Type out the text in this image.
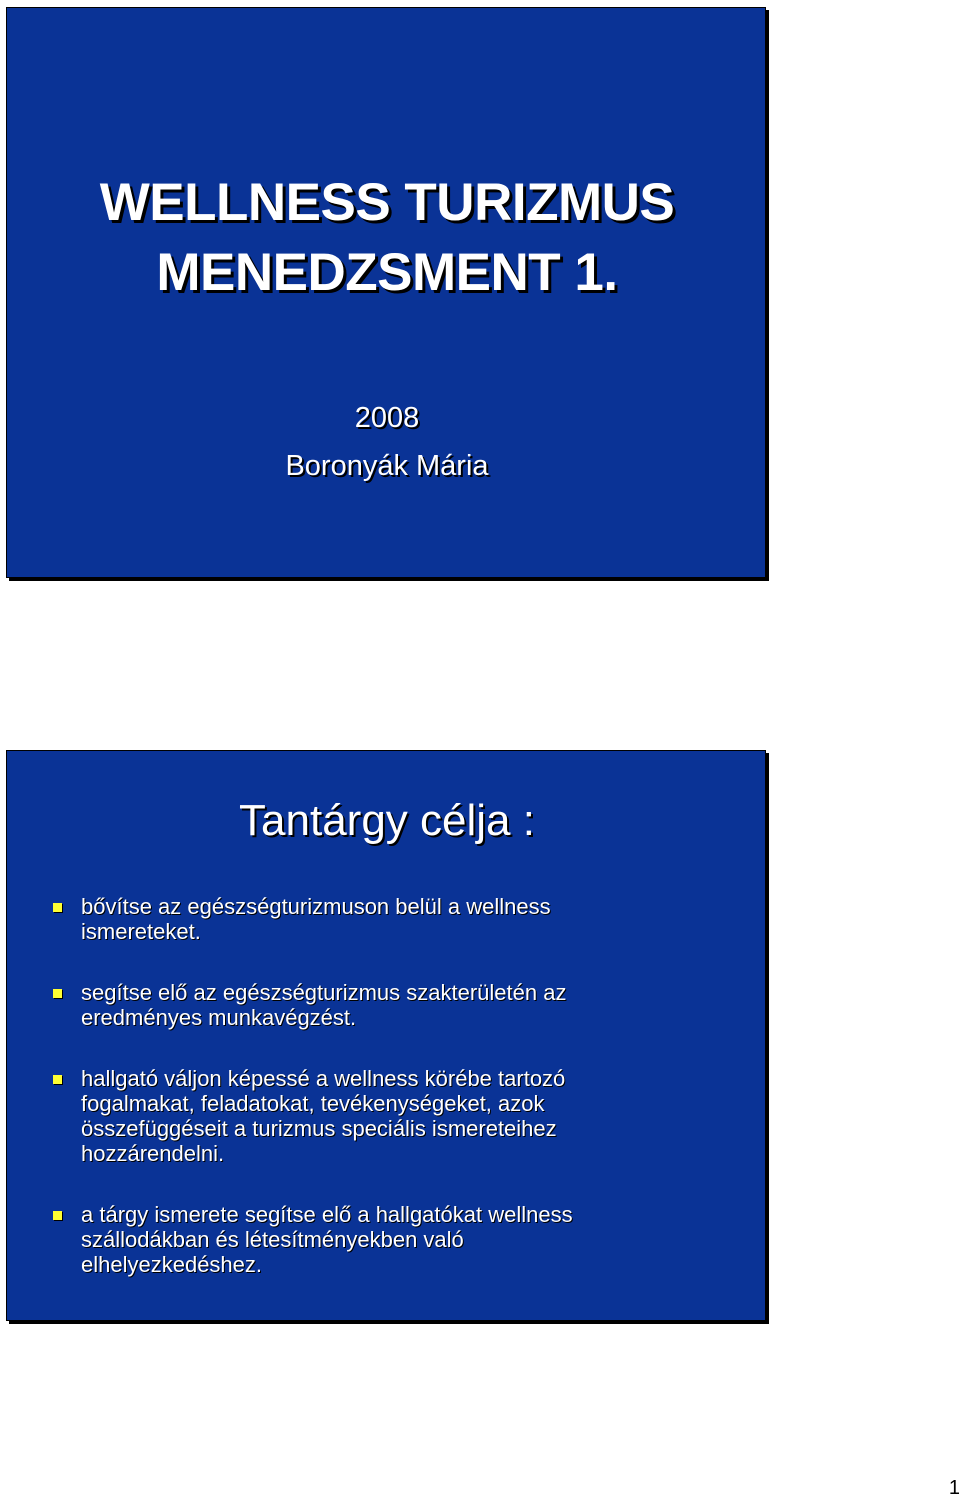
WELLNESS TURIZMUS
MENEDZSMENT 1.
2008
Boronyák Mária
Tantárgy célja :
bővítse az egészségturizmuson belül a wellness
ismereteket.
segítse elő az egészségturizmus szakterületén az
eredményes munkavégzést.
hallgató váljon képessé a wellness körébe tartozó
fogalmakat, feladatokat, tevékenységeket, azok
összefüggéseit a turizmus speciális ismereteihez
hozzárendelni.
a tárgy ismerete segítse elő a hallgatókat wellness
szállodákban és létesítményekben való
elhelyezkedéshez.
1
